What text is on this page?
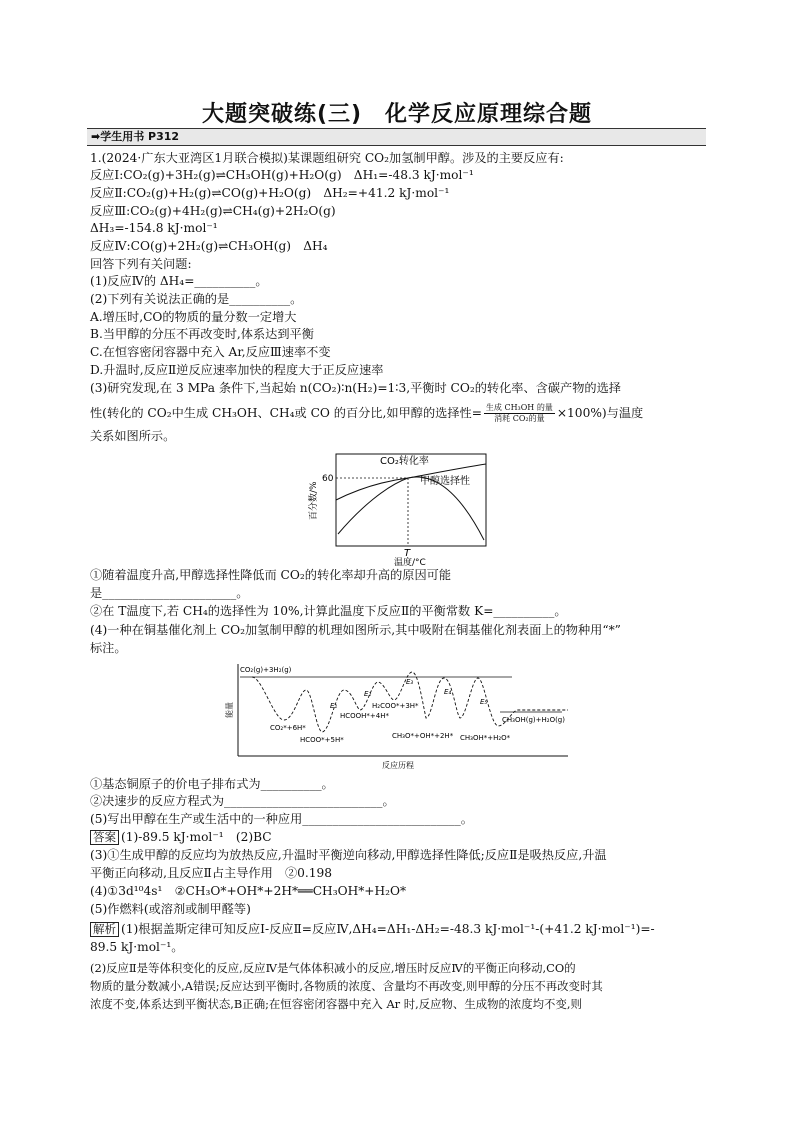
大题突破练(三)　化学反应原理综合题
➡学生用书 P312
1.(2024·广东大亚湾区1月联合模拟)某课题组研究 CO₂加氢制甲醇。涉及的主要反应有:
反应Ⅰ:CO₂(g)+3H₂(g)⇌CH₃OH(g)+H₂O(g)　ΔH₁=-48.3 kJ·mol⁻¹
反应Ⅱ:CO₂(g)+H₂(g)⇌CO(g)+H₂O(g)　ΔH₂=+41.2 kJ·mol⁻¹
反应Ⅲ:CO₂(g)+4H₂(g)⇌CH₄(g)+2H₂O(g)
ΔH₃=-154.8 kJ·mol⁻¹
反应Ⅳ:CO(g)+2H₂(g)⇌CH₃OH(g)　ΔH₄
回答下列有关问题:
(1)反应Ⅳ的 ΔH₄=__________。
(2)下列有关说法正确的是__________。
A.增压时,CO的物质的量分数一定增大
B.当甲醇的分压不再改变时,体系达到平衡
C.在恒容密闭容器中充入 Ar,反应Ⅲ速率不变
D.升温时,反应Ⅱ逆反应速率加快的程度大于正反应速率
(3)研究发现,在 3 MPa 条件下,当起始 n(CO₂)∶n(H₂)=1∶3,平衡时 CO₂的转化率、含碳产物的选择
性(转化的 CO₂中生成 CH₃OH、CH₄或 CO 的百分比,如甲醇的选择性= $\frac{\text{生成 CH₃OH 的量}}{\text{消耗 CO₂的量}} \times 100\%$)与温度
关系如图所示。
CO₂转化率
甲醇选择性
60
T
温度/°C
百分数/%
①随着温度升高,甲醇选择性降低而 CO₂的转化率却升高的原因可能
是______________________。
②在 T温度下,若 CH₄的选择性为 10%,计算此温度下反应Ⅱ的平衡常数 K=__________。
(4)一种在铜基催化剂上 CO₂加氢制甲醇的机理如图所示,其中吸附在铜基催化剂表面上的物种用“*”
标注。
能量
反应历程
CO₂(g)+3H₂(g)
CO₂*+6H*
HCOO*+5H*
HCOOH*+4H*
H₂COO*+3H*
CH₃O*+OH*+2H* CH₃OH*+H₂O*
CH₃OH(g)+H₂O(g)
E₁
E₂
E₃
E₄
E₅
①基态铜原子的价电子排布式为__________。
②决速步的反应方程式为__________________________。
(5)写出甲醇在生产或生活中的一种应用__________________________。
答案 (1)-89.5 kJ·mol⁻¹　(2)BC
(3)①生成甲醇的反应均为放热反应,升温时平衡逆向移动,甲醇选择性降低;反应Ⅱ是吸热反应,升温
平衡正向移动,且反应Ⅱ占主导作用　②0.198
(4)①3d¹⁰4s¹　②CH₃O*+OH*+2H*══CH₃OH*+H₂O*
(5)作燃料(或溶剂或制甲醛等)
解析 (1)根据盖斯定律可知反应Ⅰ-反应Ⅱ=反应Ⅳ,ΔH₄=ΔH₁-ΔH₂=-48.3 kJ·mol⁻¹-(+41.2 kJ·mol⁻¹)=-
89.5 kJ·mol⁻¹。
(2)反应Ⅱ是等体积变化的反应,反应Ⅳ是气体体积减小的反应,增压时反应Ⅳ的平衡正向移动,CO的
物质的量分数减小,A错误;反应达到平衡时,各物质的浓度、含量均不再改变,则甲醇的分压不再改变时其
浓度不变,体系达到平衡状态,B正确;在恒容密闭容器中充入 Ar 时,反应物、生成物的浓度均不变,则
